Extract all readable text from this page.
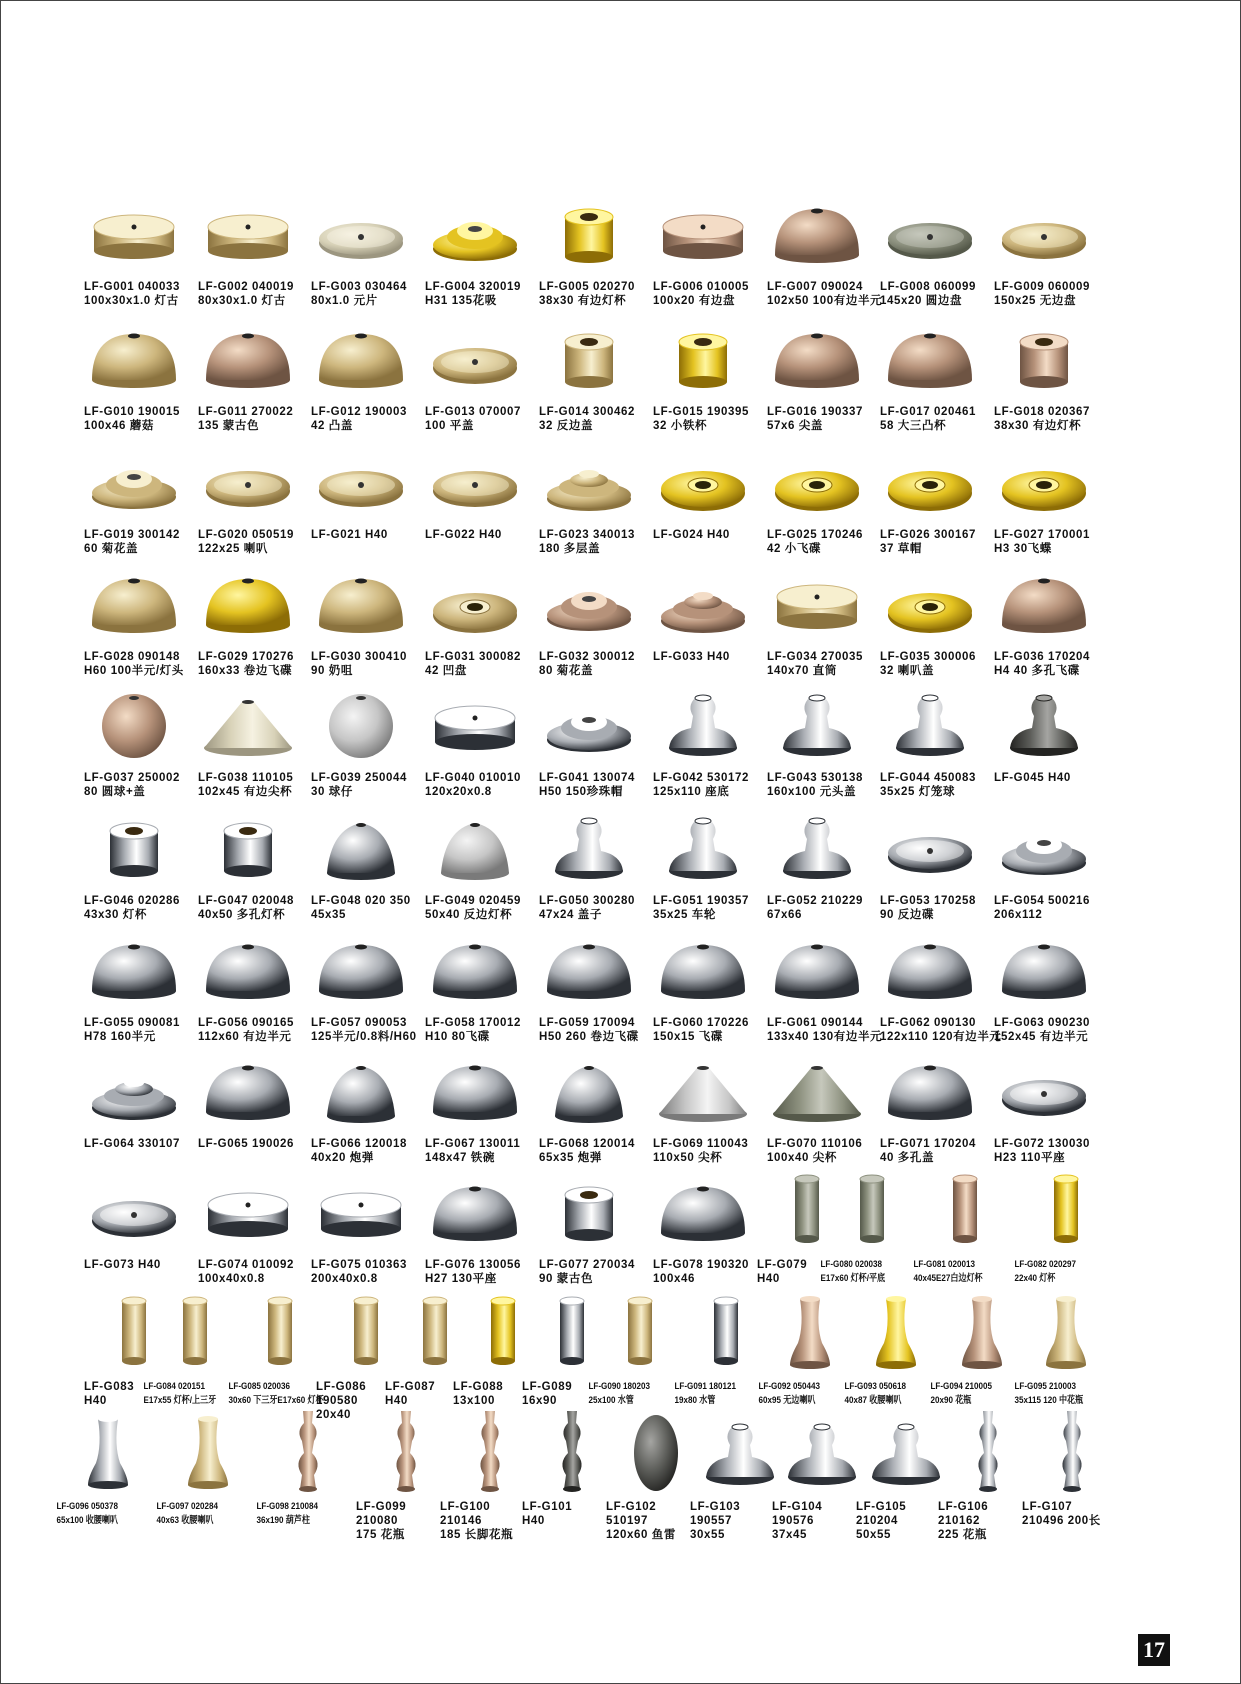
LF-G001 040033
100x30x1.0 灯古
LF-G002 040019
80x30x1.0 灯古
LF-G003 030464
80x1.0 元片
LF-G004 320019
H31 135花吸
LF-G005 020270
38x30 有边灯杯
LF-G006 010005
100x20 有边盘
LF-G007 090024
102x50 100有边半元
LF-G008 060099
145x20 圆边盘
LF-G009 060009
150x25 无边盘
LF-G010 190015
100x46 蘑菇
LF-G011 270022
135 蒙古色
LF-G012 190003
42 凸盖
LF-G013 070007
100 平盖
LF-G014 300462
32 反边盖
LF-G015 190395
32 小铁杯
LF-G016 190337
57x6 尖盖
LF-G017 020461
58 大三凸杯
LF-G018 020367
38x30 有边灯杯
LF-G019 300142
60 菊花盖
LF-G020 050519
122x25 喇叭
LF-G021 H40	LF-G022 H40	LF-G023 340013
180 多层盖
LF-G024 H40	LF-G025 170246
42 小飞碟
LF-G026 300167
37 草帽
LF-G027 170001
H3 30飞蝶
LF-G028 090148
H60 100半元/灯头
LF-G029 170276
160x33 卷边飞碟
LF-G030 300410
90 奶咀
LF-G031 300082
42 凹盘
LF-G032 300012
80 菊花盖
LF-G033 H40	LF-G034 270035
140x70 直筒
LF-G035 300006
32 喇叭盖
LF-G036 170204
H4 40 多孔飞碟
LF-G037 250002
80 圆球+盖
LF-G038 110105
102x45 有边尖杯
LF-G039 250044
30 球仔
LF-G040 010010
120x20x0.8
LF-G041 130074
H50 150珍珠帽
LF-G042 530172
125x110 座底
LF-G043 530138
160x100 元头盖
LF-G044 450083
35x25 灯笼球
LF-G045 H40
LF-G046 020286
43x30 灯杯
LF-G047 020048
40x50 多孔灯杯
LF-G048 020 350
45x35
LF-G049 020459
50x40 反边灯杯
LF-G050 300280
47x24 盖子
LF-G051 190357
35x25 车轮
LF-G052 210229
67x66
LF-G053 170258
90 反边碟
LF-G054 500216
206x112
LF-G055 090081
H78 160半元
LF-G056 090165
112x60 有边半元
LF-G057 090053
125半元/0.8料/H60
LF-G058 170012
H10 80飞碟
LF-G059 170094
H50 260 卷边飞碟
LF-G060 170226
150x15 飞碟
LF-G061 090144
133x40 130有边半元
LF-G062 090130
122x110 120有边半元
LF-G063 090230
152x45 有边半元
LF-G064 330107	LF-G065 190026	LF-G066 120018
40x20 炮弹
LF-G067 130011
148x47 铁碗
LF-G068 120014
65x35 炮弹
LF-G069 110043
110x50 尖杯
LF-G070 110106
100x40 尖杯
LF-G071 170204
40 多孔盖
LF-G072 130030
H23 110平座
LF-G073 H40	LF-G074 010092
100x40x0.8
LF-G075 010363
200x40x0.8
LF-G076 130056
H27 130平座
LF-G077 270034
90 蒙古色
LF-G078 190320
100x46
LF-G079
H40
LF-G080 020038
E17x60 灯杯/平底
LF-G081 020013
40x45E27白边灯杯
LF-G082 020297
22x40 灯杯
LF-G083
H40
LF-G084 020151
E17x55 灯杯/上三牙
LF-G085 020036
30x60 下三牙E17x60 灯杯
LF-G086
190580
20x40
LF-G087
H40
LF-G088
13x100
LF-G089
16x90
LF-G090 180203
25x100 水管
LF-G091 180121
19x80 水管
LF-G092 050443
60x95 无边喇叭
LF-G093 050618
40x87 收腰喇叭
LF-G094 210005
20x90 花瓶
LF-G095 210003
35x115 120 中花瓶
LF-G096 050378
65x100 收腰喇叭
LF-G097 020284
40x63 收腰喇叭
LF-G098 210084
36x190 葫芦柱
LF-G099
210080
175 花瓶
LF-G100
210146
185 长脚花瓶
LF-G101
H40
LF-G102
510197
120x60 鱼雷
LF-G103
190557
30x55
LF-G104
190576
37x45
LF-G105
210204
50x55
LF-G106
210162
225 花瓶
LF-G107
210496 200长
17
